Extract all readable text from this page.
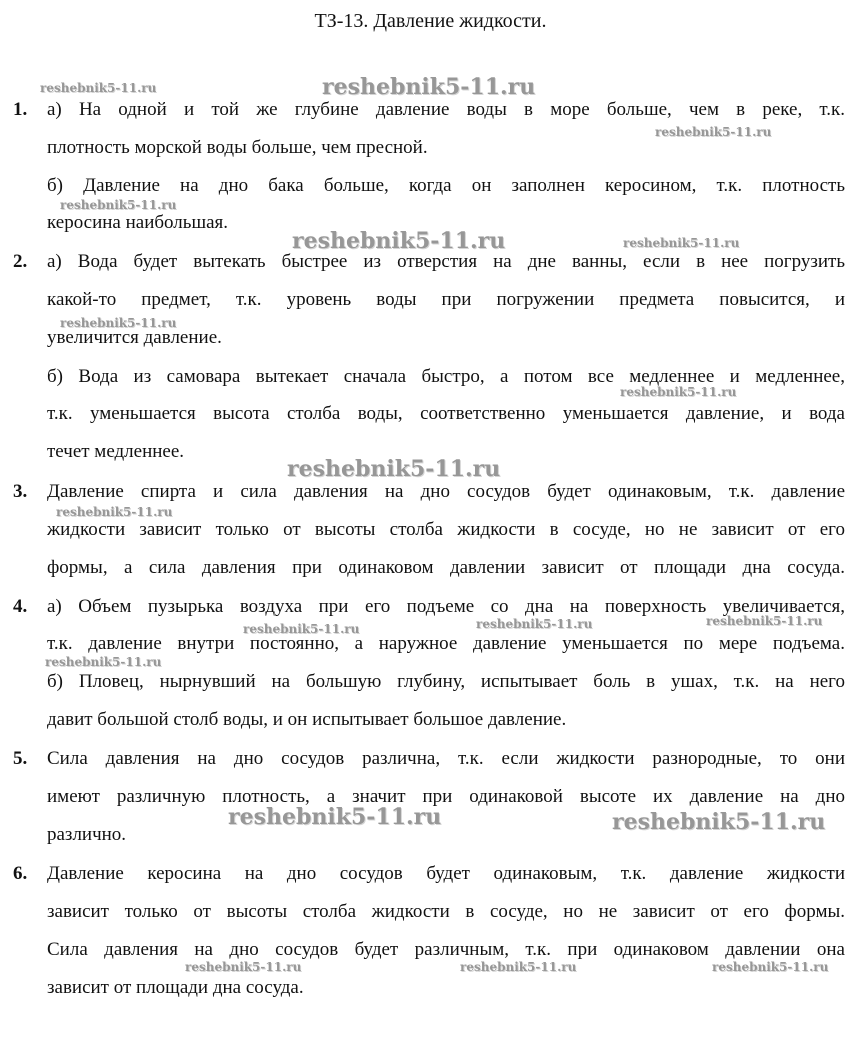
ТЗ-13. Давление жидкости.
1. а) На одной и той же глубине давление воды в море больше, чем в реке, т.к.
плотность морской воды больше, чем пресной.
б) Давление на дно бака больше, когда он заполнен керосином, т.к. плотность
керосина наибольшая.
2. а) Вода будет вытекать быстрее из отверстия на дне ванны, если в нее погрузить
какой-то предмет, т.к. уровень воды при погружении предмета повысится, и
увеличится давление.
б) Вода из самовара вытекает сначала быстро, а потом все медленнее и медленнее,
т.к. уменьшается высота столба воды, соответственно уменьшается давление, и вода
течет медленнее.
3. Давление спирта и сила давления на дно сосудов будет одинаковым, т.к. давление
жидкости зависит только от высоты столба жидкости в сосуде, но не зависит от его
формы, а сила давления при одинаковом давлении зависит от площади дна сосуда.
4. а) Объем пузырька воздуха при его подъеме со дна на поверхность увеличивается,
т.к. давление внутри постоянно, а наружное давление уменьшается по мере подъема.
б) Пловец, нырнувший на большую глубину, испытывает боль в ушах, т.к. на него
давит большой столб воды, и он испытывает большое давление.
5. Сила давления на дно сосудов различна, т.к. если жидкости разнородные, то они
имеют различную плотность, а значит при одинаковой высоте их давление на дно
различно.
6. Давление керосина на дно сосудов будет одинаковым, т.к. давление жидкости
зависит только от высоты столба жидкости в сосуде, но не зависит от его формы.
Сила давления на дно сосудов будет различным, т.к. при одинаковом давлении она
зависит от площади дна сосуда.
reshebnik5-11.ru	reshebnik5-11.ru
reshebnik5-11.ru
reshebnik5-11.ru
reshebnik5-11.ru	reshebnik5-11.ru
reshebnik5-11.ru
reshebnik5-11.ru
reshebnik5-11.ru
reshebnik5-11.ru
reshebnik5-11.ru	reshebnik5-11.ru	reshebnik5-11.ru
reshebnik5-11.ru
reshebnik5-11.ru	reshebnik5-11.ru
reshebnik5-11.ru	reshebnik5-11.ru	reshebnik5-11.ru
